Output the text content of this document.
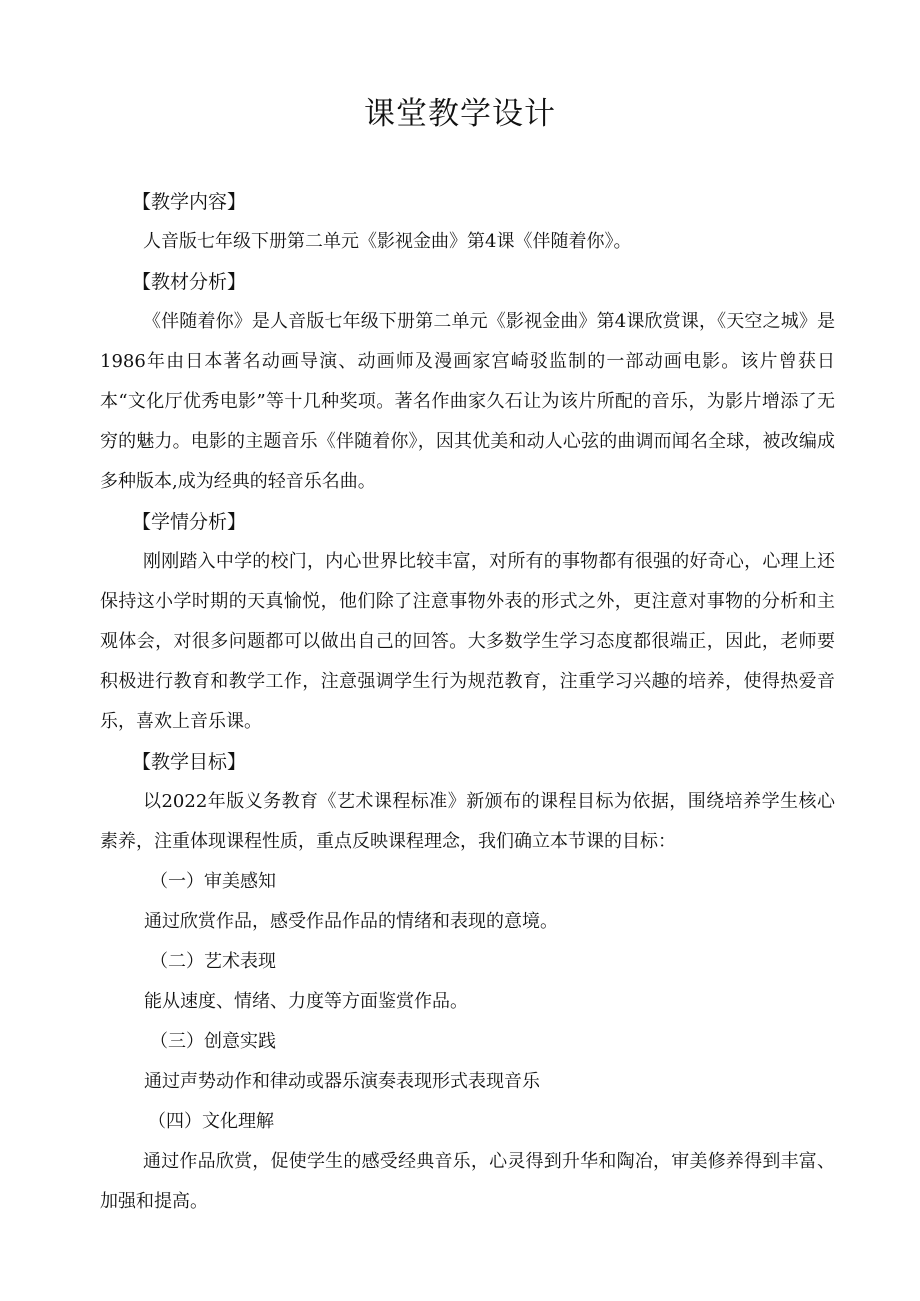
课堂教学设计
【教学内容】

人音版七年级下册第二单元《影视金曲》第4课《伴随着你》。

【教材分析】

《伴随着你》是人音版七年级下册第二单元《影视金曲》第4课欣赏课，《天空之城》是1986年由日本著名动画导演、动画师及漫画家宫崎驳监制的一部动画电影。该片曾获日本“文化厅优秀电影”等十几种奖项。著名作曲家久石让为该片所配的音乐，为影片增添了无穷的魅力。电影的主题音乐《伴随着你》，因其优美和动人心弦的曲调而闻名全球，被改编成多种版本,成为经典的轻音乐名曲。

【学情分析】

刚刚踏入中学的校门，内心世界比较丰富，对所有的事物都有很强的好奇心，心理上还保持这小学时期的天真愉悦，他们除了注意事物外表的形式之外，更注意对事物的分析和主观体会，对很多问题都可以做出自己的回答。大多数学生学习态度都很端正，因此，老师要积极进行教育和教学工作，注意强调学生行为规范教育，注重学习兴趣的培养，使得热爱音乐，喜欢上音乐课。

【教学目标】

以2022年版义务教育《艺术课程标准》新颁布的课程目标为依据，围绕培养学生核心素养，注重体现课程性质，重点反映课程理念，我们确立本节课的目标：

（一）审美感知

通过欣赏作品，感受作品作品的情绪和表现的意境。

（二）艺术表现

能从速度、情绪、力度等方面鉴赏作品。

（三）创意实践

通过声势动作和律动或器乐演奏表现形式表现音乐

（四）文化理解

通过作品欣赏，促使学生的感受经典音乐，心灵得到升华和陶冶，审美修养得到丰富、加强和提高。
